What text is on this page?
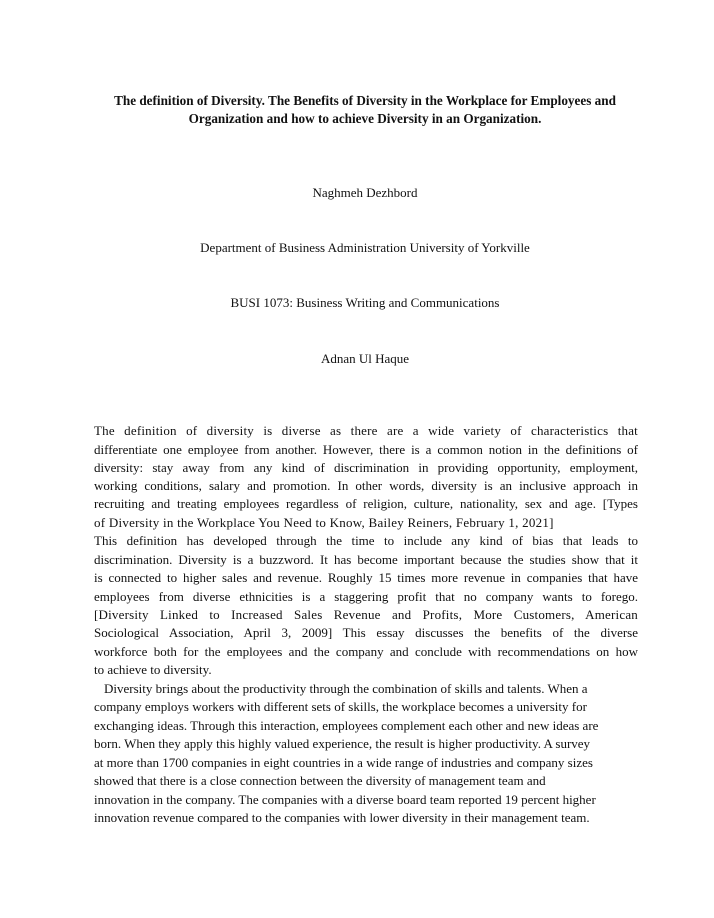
The definition of Diversity. The Benefits of Diversity in the Workplace for Employees and Organization and how to achieve Diversity in an Organization.

Naghmeh Dezhbord

Department of Business Administration University of Yorkville

BUSI 1073: Business Writing and Communications

Adnan Ul Haque

The definition of diversity is diverse as there are a wide variety of characteristics that

differentiate one employee from another. However, there is a common notion in the definitions of

diversity: stay away from any kind of discrimination in providing opportunity, employment,

working conditions, salary and promotion. In other words, diversity is an inclusive approach in

recruiting and treating employees regardless of religion, culture, nationality, sex and age. [Types

of Diversity in the Workplace You Need to Know, Bailey Reiners, February 1, 2021]

This definition has developed through the time to include any kind of bias that leads to

discrimination. Diversity is a buzzword. It has become important because the studies show that it

is connected to higher sales and revenue. Roughly 15 times more revenue in companies that have

employees from diverse ethnicities is a staggering profit that no company wants to forego.

[Diversity Linked to Increased Sales Revenue and Profits, More Customers, American

Sociological Association, April 3, 2009] This essay discusses the benefits of the diverse

workforce both for the employees and the company and conclude with recommendations on how

to achieve to diversity.

Diversity brings about the productivity through the combination of skills and talents. When a

company employs workers with different sets of skills, the workplace becomes a university for

exchanging ideas. Through this interaction, employees complement each other and new ideas are

born. When they apply this highly valued experience, the result is higher productivity. A survey

at more than 1700 companies in eight countries in a wide range of industries and company sizes

showed that there is a close connection between the diversity of management team and

innovation in the company. The companies with a diverse board team reported 19 percent higher

innovation revenue compared to the companies with lower diversity in their management team.
